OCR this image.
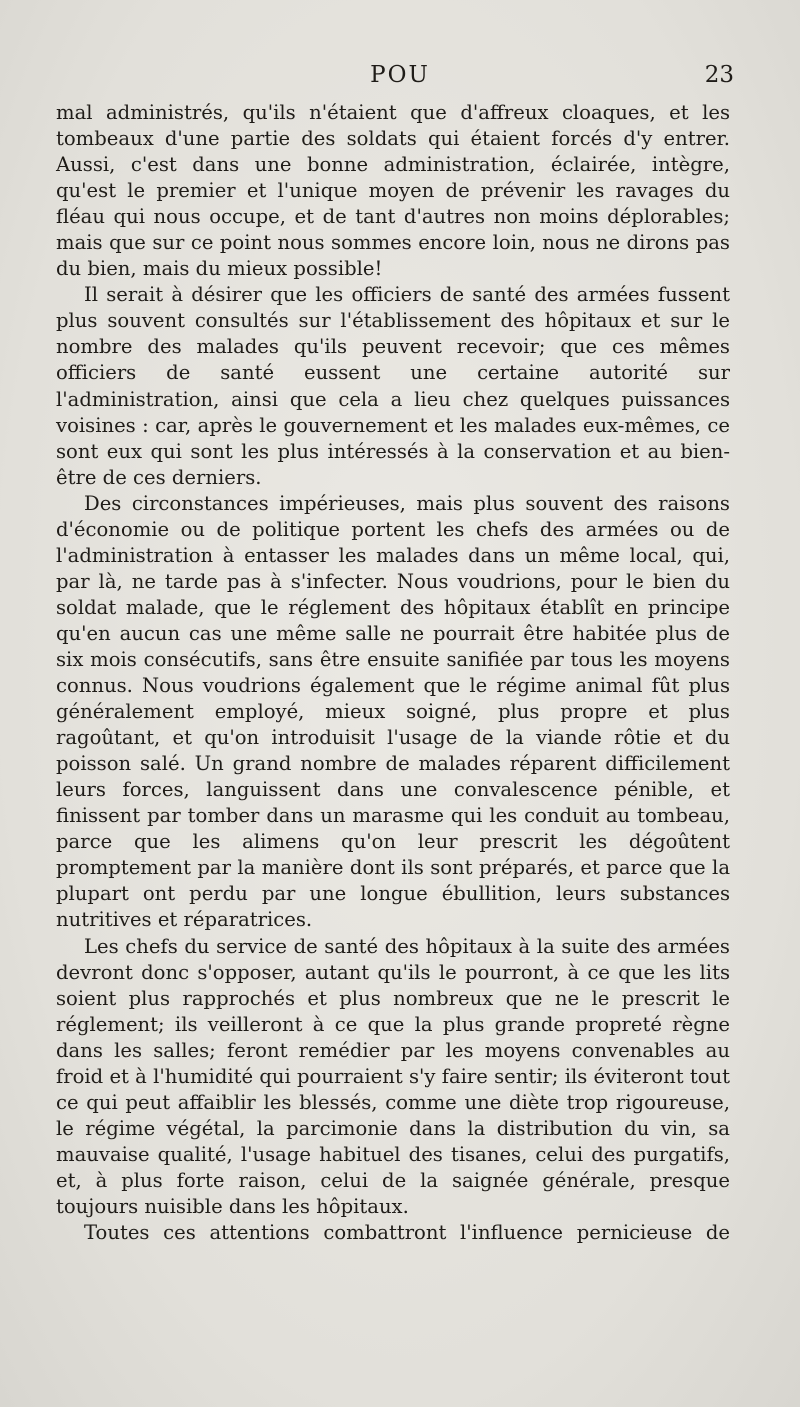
POU	23

mal administrés, qu'ils n'étaient que d'affreux cloaques, et les tombeaux d'une partie des soldats qui étaient forcés d'y entrer. Aussi, c'est dans une bonne administration, éclairée, intègre, qu'est le premier et l'unique moyen de prévenir les ravages du fléau qui nous occupe, et de tant d'autres non moins déplorables; mais que sur ce point nous sommes encore loin, nous ne dirons pas du bien, mais du mieux possible!

Il serait à désirer que les officiers de santé des armées fussent plus souvent consultés sur l'établissement des hôpitaux et sur le nombre des malades qu'ils peuvent recevoir; que ces mêmes officiers de santé eussent une certaine autorité sur l'administration, ainsi que cela a lieu chez quelques puissances voisines : car, après le gouvernement et les malades eux-mêmes, ce sont eux qui sont les plus intéressés à la conservation et au bien-être de ces derniers.

Des circonstances impérieuses, mais plus souvent des raisons d'économie ou de politique portent les chefs des armées ou de l'administration à entasser les malades dans un même local, qui, par là, ne tarde pas à s'infecter. Nous voudrions, pour le bien du soldat malade, que le réglement des hôpitaux établît en principe qu'en aucun cas une même salle ne pourrait être habitée plus de six mois consécutifs, sans être ensuite sanifiée par tous les moyens connus. Nous voudrions également que le régime animal fût plus généralement employé, mieux soigné, plus propre et plus ragoûtant, et qu'on introduisit l'usage de la viande rôtie et du poisson salé. Un grand nombre de malades réparent difficilement leurs forces, languissent dans une convalescence pénible, et finissent par tomber dans un marasme qui les conduit au tombeau, parce que les alimens qu'on leur prescrit les dégoûtent promptement par la manière dont ils sont préparés, et parce que la plupart ont perdu par une longue ébullition, leurs substances nutritives et réparatrices.

Les chefs du service de santé des hôpitaux à la suite des armées devront donc s'opposer, autant qu'ils le pourront, à ce que les lits soient plus rapprochés et plus nombreux que ne le prescrit le réglement; ils veilleront à ce que la plus grande propreté règne dans les salles; feront remédier par les moyens convenables au froid et à l'humidité qui pourraient s'y faire sentir; ils éviteront tout ce qui peut affaiblir les blessés, comme une diète trop rigoureuse, le régime végétal, la parcimonie dans la distribution du vin, sa mauvaise qualité, l'usage habituel des tisanes, celui des purgatifs, et, à plus forte raison, celui de la saignée générale, presque toujours nuisible dans les hôpitaux.

Toutes ces attentions combattront l'influence pernicieuse de
